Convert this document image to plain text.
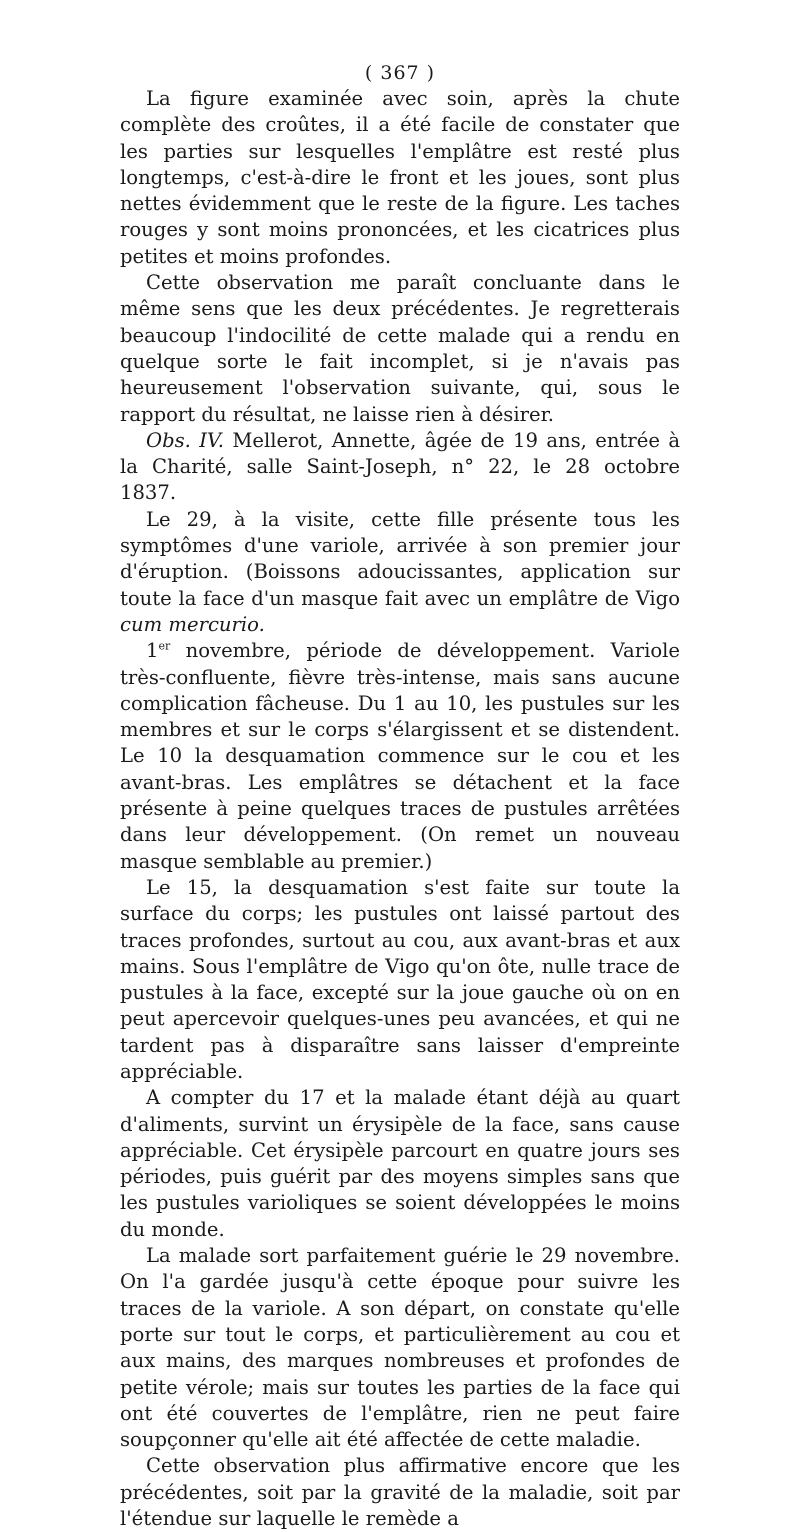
( 367 )

La figure examinée avec soin, après la chute complète des croûtes, il a été facile de constater que les parties sur lesquelles l'emplâtre est resté plus longtemps, c'est-à-dire le front et les joues, sont plus nettes évidemment que le reste de la figure. Les taches rouges y sont moins prononcées, et les cicatrices plus petites et moins profondes.

Cette observation me paraît concluante dans le même sens que les deux précédentes. Je regretterais beaucoup l'indocilité de cette malade qui a rendu en quelque sorte le fait incomplet, si je n'avais pas heureusement l'observation suivante, qui, sous le rapport du résultat, ne laisse rien à désirer.

Obs. IV. Mellerot, Annette, âgée de 19 ans, entrée à la Charité, salle Saint-Joseph, n° 22, le 28 octobre 1837.

Le 29, à la visite, cette fille présente tous les symptômes d'une variole, arrivée à son premier jour d'éruption. (Boissons adoucissantes, application sur toute la face d'un masque fait avec un emplâtre de Vigo cum mercurio.

1er novembre, période de développement. Variole très-confluente, fièvre très-intense, mais sans aucune complication fâcheuse. Du 1 au 10, les pustules sur les membres et sur le corps s'élargissent et se distendent. Le 10 la desquamation commence sur le cou et les avant-bras. Les emplâtres se détachent et la face présente à peine quelques traces de pustules arrêtées dans leur développement. (On remet un nouveau masque semblable au premier.)

Le 15, la desquamation s'est faite sur toute la surface du corps; les pustules ont laissé partout des traces profondes, surtout au cou, aux avant-bras et aux mains. Sous l'emplâtre de Vigo qu'on ôte, nulle trace de pustules à la face, excepté sur la joue gauche où on en peut apercevoir quelques-unes peu avancées, et qui ne tardent pas à disparaître sans laisser d'empreinte appréciable.

A compter du 17 et la malade étant déjà au quart d'aliments, survint un érysipèle de la face, sans cause appréciable. Cet érysipèle parcourt en quatre jours ses périodes, puis guérit par des moyens simples sans que les pustules varioliques se soient développées le moins du monde.

La malade sort parfaitement guérie le 29 novembre. On l'a gardée jusqu'à cette époque pour suivre les traces de la variole. A son départ, on constate qu'elle porte sur tout le corps, et particulièrement au cou et aux mains, des marques nombreuses et profondes de petite vérole; mais sur toutes les parties de la face qui ont été couvertes de l'emplâtre, rien ne peut faire soupçonner qu'elle ait été affectée de cette maladie.

Cette observation plus affirmative encore que les précédentes, soit par la gravité de la maladie, soit par l'étendue sur laquelle le remède a
